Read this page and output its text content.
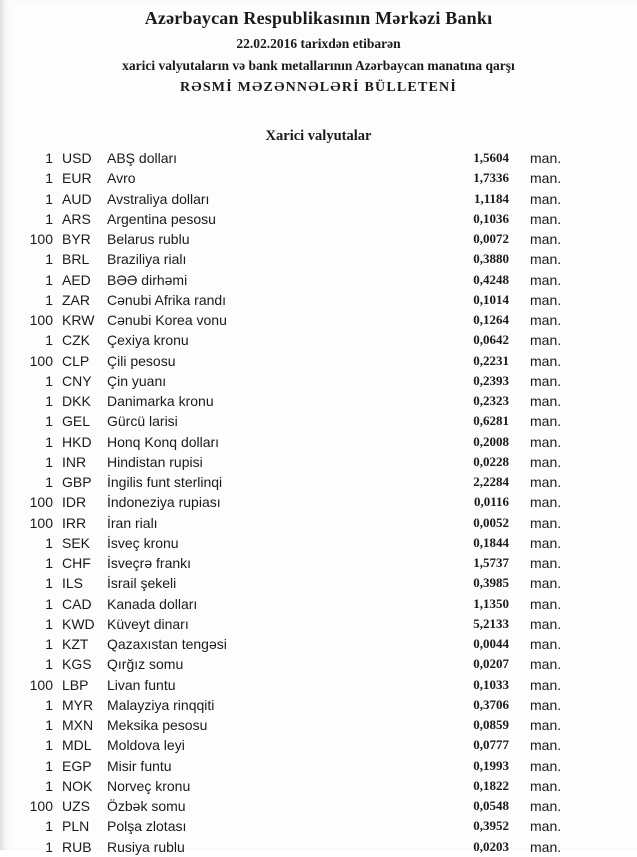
Azərbaycan Respublikasının Mərkəzi Bankı
22.02.2016 tarixdən etibarən
xarici valyutaların və bank metallarının Azərbaycan manatına qarşı
RƏSMİ MƏZƏNNƏLƏRİ BÜLLETENİ
Xarici valyutalar
1 USD ABŞ dolları	1,5604 man.
1 EUR Avro	1,7336 man.
1 AUD Avstraliya dolları	1,1184 man.
1 ARS Argentina pesosu	0,1036 man.
100 BYR Belarus rublu	0,0072 man.
1 BRL Braziliya rialı	0,3880 man.
1 AED BƏƏ dirhəmi	0,4248 man.
1 ZAR Cənubi Afrika randı	0,1014 man.
100 KRW Cənubi Korea vonu	0,1264 man.
1 CZK Çexiya kronu	0,0642 man.
100 CLP Çili pesosu	0,2231 man.
1 CNY Çin yuanı	0,2393 man.
1 DKK Danimarka kronu	0,2323 man.
1 GEL Gürcü larisi	0,6281 man.
1 HKD Honq Konq dolları	0,2008 man.
1 INR Hindistan rupisi	0,0228 man.
1 GBP İngilis funt sterlinqi	2,2284 man.
100 IDR İndoneziya rupiası	0,0116 man.
100 IRR İran rialı	0,0052 man.
1 SEK İsveç kronu	0,1844 man.
1 CHF İsveçrə frankı	1,5737 man.
1 ILS İsrail şekeli	0,3985 man.
1 CAD Kanada dolları	1,1350 man.
1 KWD Küveyt dinarı	5,2133 man.
1 KZT Qazaxıstan tengəsi	0,0044 man.
1 KGS Qırğız somu	0,0207 man.
100 LBP Livan funtu	0,1033 man.
1 MYR Malayziya rinqqiti	0,3706 man.
1 MXN Meksika pesosu	0,0859 man.
1 MDL Moldova leyi	0,0777 man.
1 EGP Misir funtu	0,1993 man.
1 NOK Norveç kronu	0,1822 man.
100 UZS Özbək somu	0,0548 man.
1 PLN Polşa zlotası	0,3952 man.
1 RUB Rusiya rublu	0,0203 man.
